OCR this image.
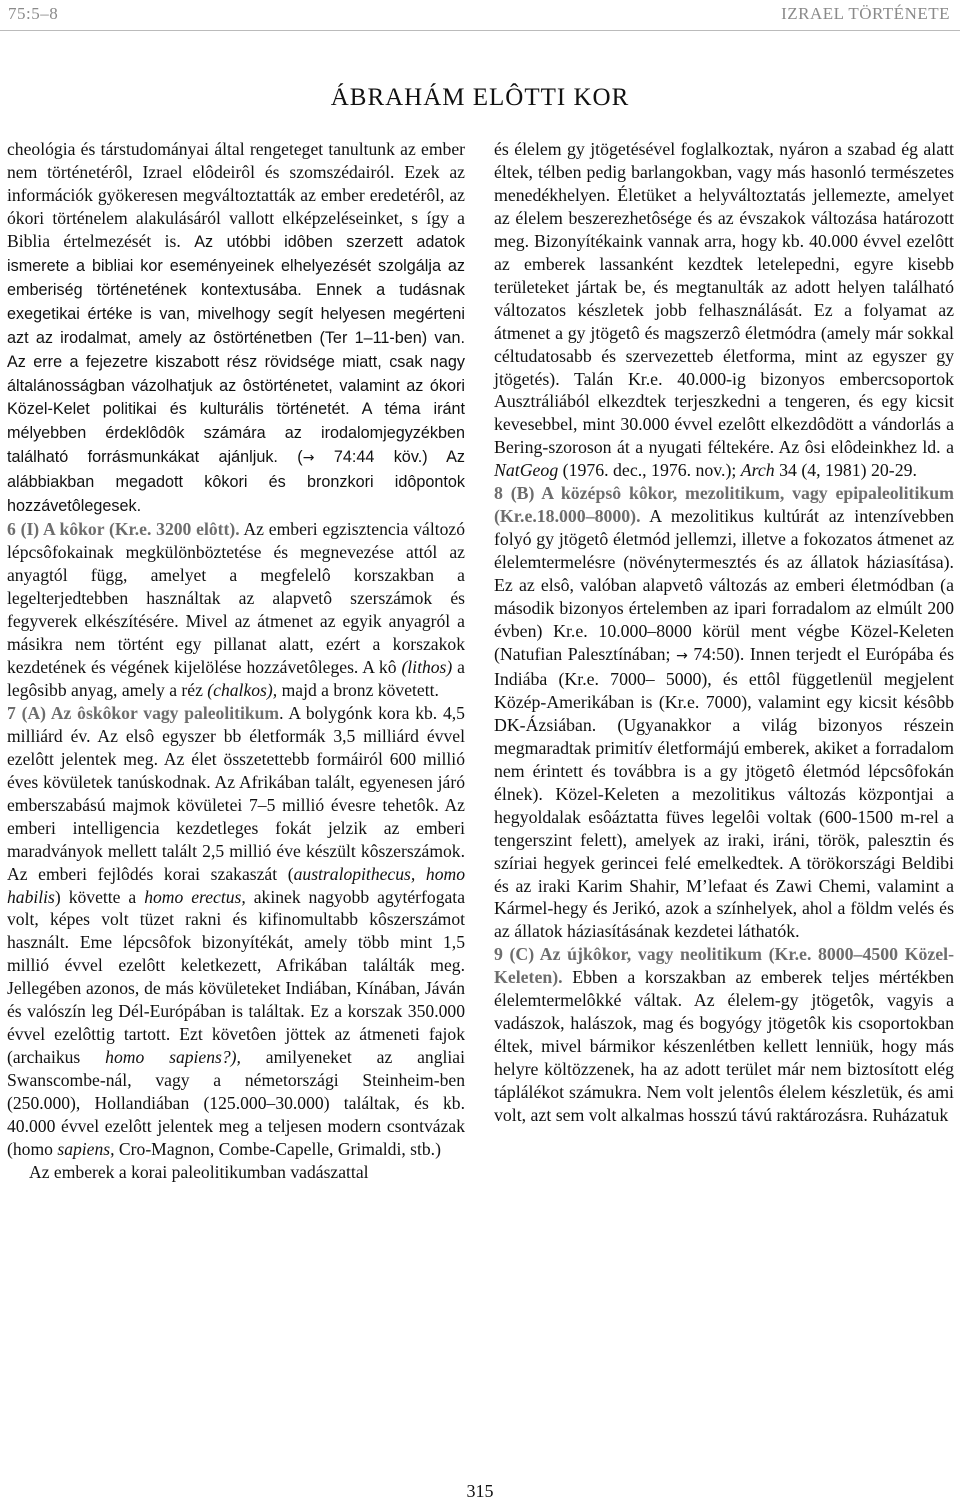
75:5–8	IZRAEL TÖRTÉNETE
ÁBRAHÁM ELÔTTI KOR

cheológia és társtudományai által rengeteget tanultunk az ember nem történetérôl, Izrael elôdeirôl és szomszédairól. Ezek az információk gyökeresen megváltoztatták az ember eredetérôl, az ókori történelem alakulásáról vallott elképzeléseinket, s így a Biblia értelmezését is. Az utóbbi idôben szerzett adatok ismerete a bibliai kor eseményeinek elhelyezését szolgálja az emberiség történetének kontextusába. Ennek a tudásnak exegetikai értéke is van, mivelhogy segít helyesen megérteni azt az irodalmat, amely az ôstörténetben (Ter 1–11-ben) van. Az erre a fejezetre kiszabott rész rövidsége miatt, csak nagy általánosságban vázolhatjuk az ôstörténetet, valamint az ókori Közel-Kelet politikai és kulturális történetét. A téma iránt mélyebben érdeklôdôk számára az irodalomjegyzékben található forrásmunkákat ajánljuk. (→ 74:44 köv.) Az alábbiakban megadott kôkori és bronzkori idôpontok hozzávetôlegesek.

6 (I) A kôkor (Kr.e. 3200 elôtt). Az emberi egzisztencia változó lépcsôfokainak megkülönböztetése és megnevezése attól az anyagtól függ, amelyet a megfelelô korszakban a legelterjedtebben használtak az alapvetô szerszámok és fegyverek elkészítésére. Mivel az átmenet az egyik anyagról a másikra nem történt egy pillanat alatt, ezért a korszakok kezdetének és végének kijelölése hozzávetôleges. A kô (lithos) a legôsibb anyag, amely a réz (chalkos), majd a bronz követett.

7 (A) Az ôskôkor vagy paleolitikum. A bolygónk kora kb. 4,5 milliárd év. Az elsô egyszer bb életformák 3,5 milliárd évvel ezelôtt jelentek meg. Az élet összetettebb formáiról 600 millió éves kövületek tanúskodnak. Az Afrikában talált, egyenesen járó emberszabású majmok kövületei 7–5 millió évesre tehetôk. Az emberi intelligencia kezdetleges fokát jelzik az emberi maradványok mellett talált 2,5 millió éve készült kôszerszámok. Az emberi fejlôdés korai szakaszát (australopithecus, homo habilis) követte a homo erectus, akinek nagyobb agytérfogata volt, képes volt tüzet rakni és kifinomultabb kôszerszámot használt. Eme lépcsôfok bizonyítékát, amely több mint 1,5 millió évvel ezelôtt keletkezett, Afrikában találták meg. Jellegében azonos, de más kövületeket Indiában, Kínában, Jáván és valószín leg Dél-Európában is találtak. Ez a korszak 350.000 évvel ezelôttig tartott. Ezt követôen jöttek az átmeneti fajok (archaikus homo sapiens?), amilyeneket az angliai Swanscombe-nál, vagy a németországi Steinheim-ben (250.000), Hollandiában (125.000–30.000) találtak, és kb. 40.000 évvel ezelôtt jelentek meg a teljesen modern csontvázak (homo sapiens, Cro-Magnon, Combe-Capelle, Grimaldi, stb.)

Az emberek a korai paleolitikumban vadászattal

és élelem gy jtögetésével foglalkoztak, nyáron a szabad ég alatt éltek, télben pedig barlangokban, vagy más hasonló természetes menedékhelyen. Életüket a helyváltoztatás jellemezte, amelyet az élelem beszerezhetôsége és az évszakok változása határozott meg. Bizonyítékaink vannak arra, hogy kb. 40.000 évvel ezelôtt az emberek lassanként kezdtek letelepedni, egyre kisebb területeket jártak be, és megtanulták az adott helyen található változatos készletek jobb felhasználását. Ez a folyamat az átmenet a gy jtögetô és magszerzô életmódra (amely már sokkal céltudatosabb és szervezetteb életforma, mint az egyszer gy jtögetés). Talán Kr.e. 40.000-ig bizonyos embercsoportok Ausztráliából elkezdtek terjeszkedni a tengeren, és egy kicsit kevesebbel, mint 30.000 évvel ezelôtt elkezdôdött a vándorlás a Bering-szoroson át a nyugati féltekére. Az ôsi elôdeinkhez ld. a NatGeog (1976. dec., 1976. nov.); Arch 34 (4, 1981) 20-29.

8 (B) A középsô kôkor, mezolitikum, vagy epipaleolitikum (Kr.e.18.000–8000). A mezolitikus kultúrát az intenzívebben folyó gy jtögetô életmód jellemzi, illetve a fokozatos átmenet az élelemtermelésre (növénytermesztés és az állatok háziasítása). Ez az elsô, valóban alapvetô változás az emberi életmódban (a második bizonyos értelemben az ipari forradalom az elmúlt 200 évben) Kr.e. 10.000–8000 körül ment végbe Közel-Keleten (Natufian Palesztínában; → 74:50). Innen terjedt el Európába és Indiába (Kr.e. 7000– 5000), és ettôl függetlenül megjelent Közép-Amerikában is (Kr.e. 7000), valamint egy kicsit késôbb DK-Ázsiában. (Ugyanakkor a világ bizonyos részein megmaradtak primitív életformájú emberek, akiket a forradalom nem érintett és továbbra is a gy jtögetô életmód lépcsôfokán élnek). Közel-Keleten a mezolitikus változás központjai a hegyoldalak esôáztatta füves legelôi voltak (600-1500 m-rel a tengerszint felett), amelyek az iraki, iráni, török, palesztin és szíriai hegyek gerincei felé emelkedtek. A törökországi Beldibi és az iraki Karim Shahir, M’lefaat és Zawi Chemi, valamint a Kármel-hegy és Jerikó, azok a színhelyek, ahol a földm velés és az állatok háziasításának kezdetei láthatók.

9 (C) Az újkôkor, vagy neolitikum (Kr.e. 8000–4500 Közel-Keleten). Ebben a korszakban az emberek teljes mértékben élelemtermelôkké váltak. Az élelem-gy jtögetôk, vagyis a vadászok, halászok, mag és bogyógy jtögetôk kis csoportokban éltek, mivel bármikor készenlétben kellett lenniük, hogy más helyre költözzenek, ha az adott terület már nem biztosított elég táplálékot számukra. Nem volt jelentôs élelem készletük, és ami volt, azt sem volt alkalmas hosszú távú raktározásra. Ruházatuk

315
